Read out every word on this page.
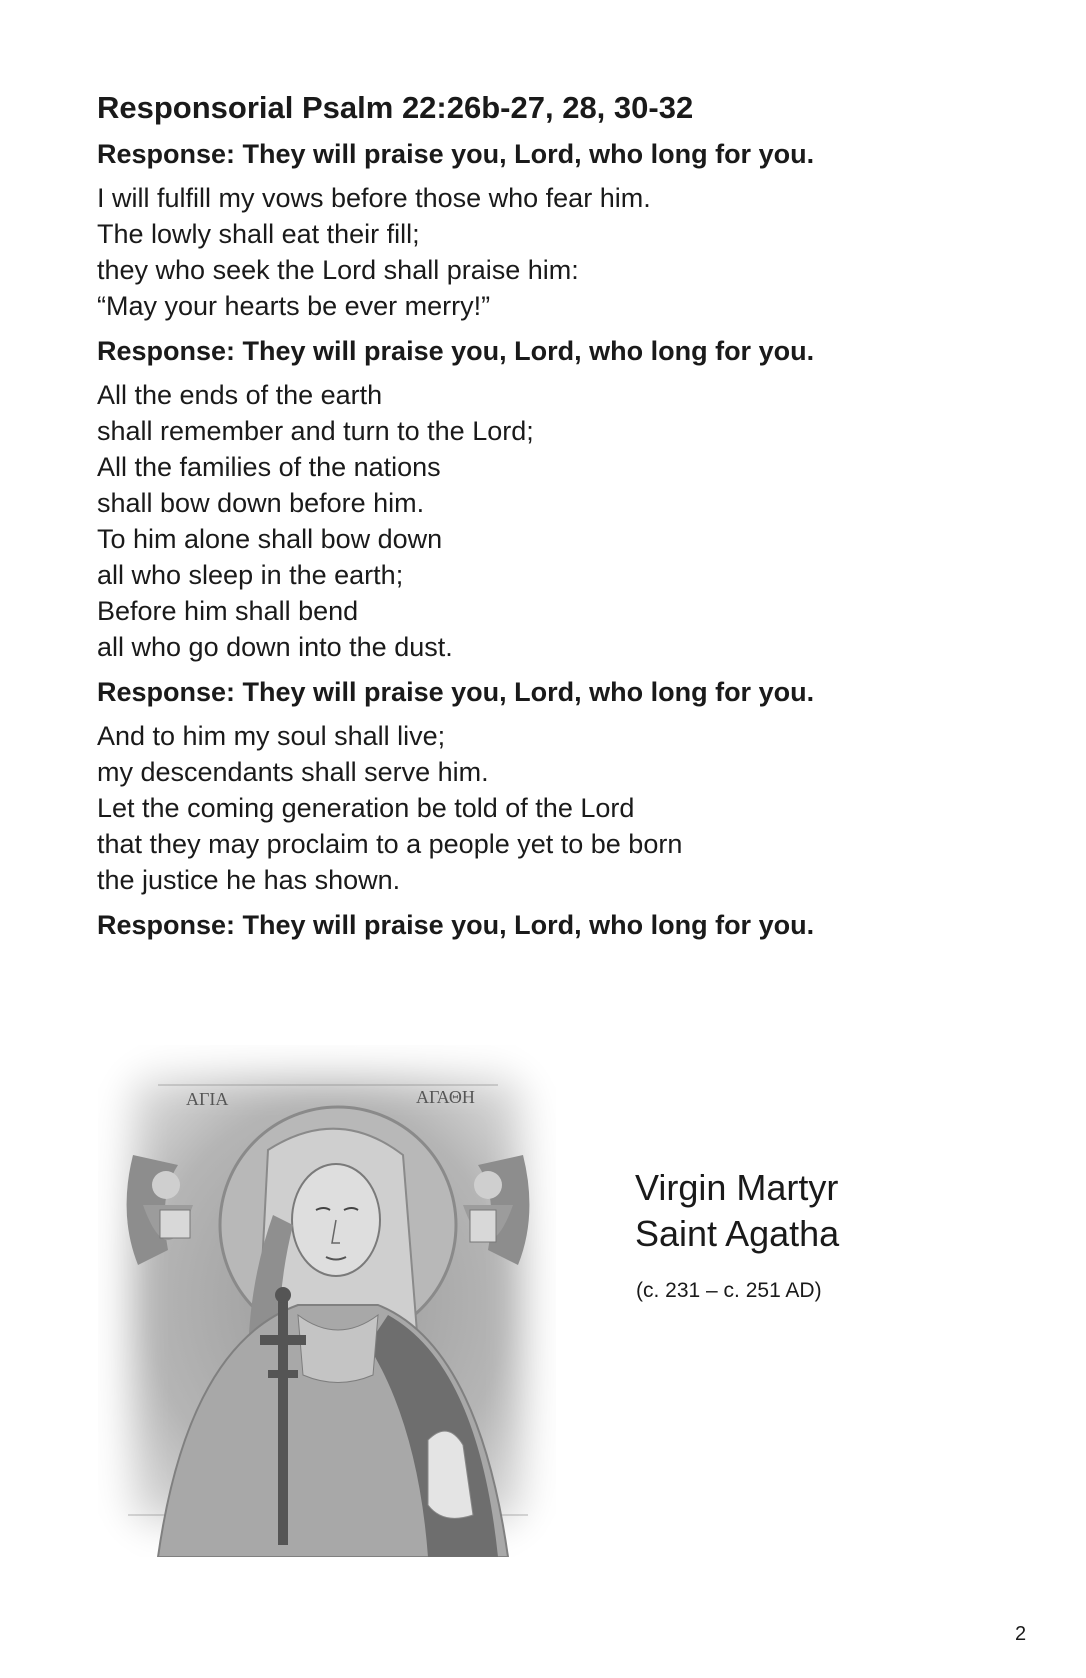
Responsorial Psalm 22:26b-27, 28, 30-32
Response: They will praise you, Lord, who long for you.
I will fulfill my vows before those who fear him.
The lowly shall eat their fill;
they who seek the Lord shall praise him:
“May your hearts be ever merry!”
Response: They will praise you, Lord, who long for you.
All the ends of the earth
shall remember and turn to the Lord;
All the families of the nations
shall bow down before him.
To him alone shall bow down
all who sleep in the earth;
Before him shall bend
all who go down into the dust.
Response: They will praise you, Lord, who long for you.
And to him my soul shall live;
my descendants shall serve him.
Let the coming generation be told of the Lord
that they may proclaim to a people yet to be born
the justice he has shown.
Response: They will praise you, Lord, who long for you.
ΑΓΙΑ	ΑΓΑΘΗ
Virgin Martyr
Saint Agatha
(c. 231 – c. 251 AD)
2
